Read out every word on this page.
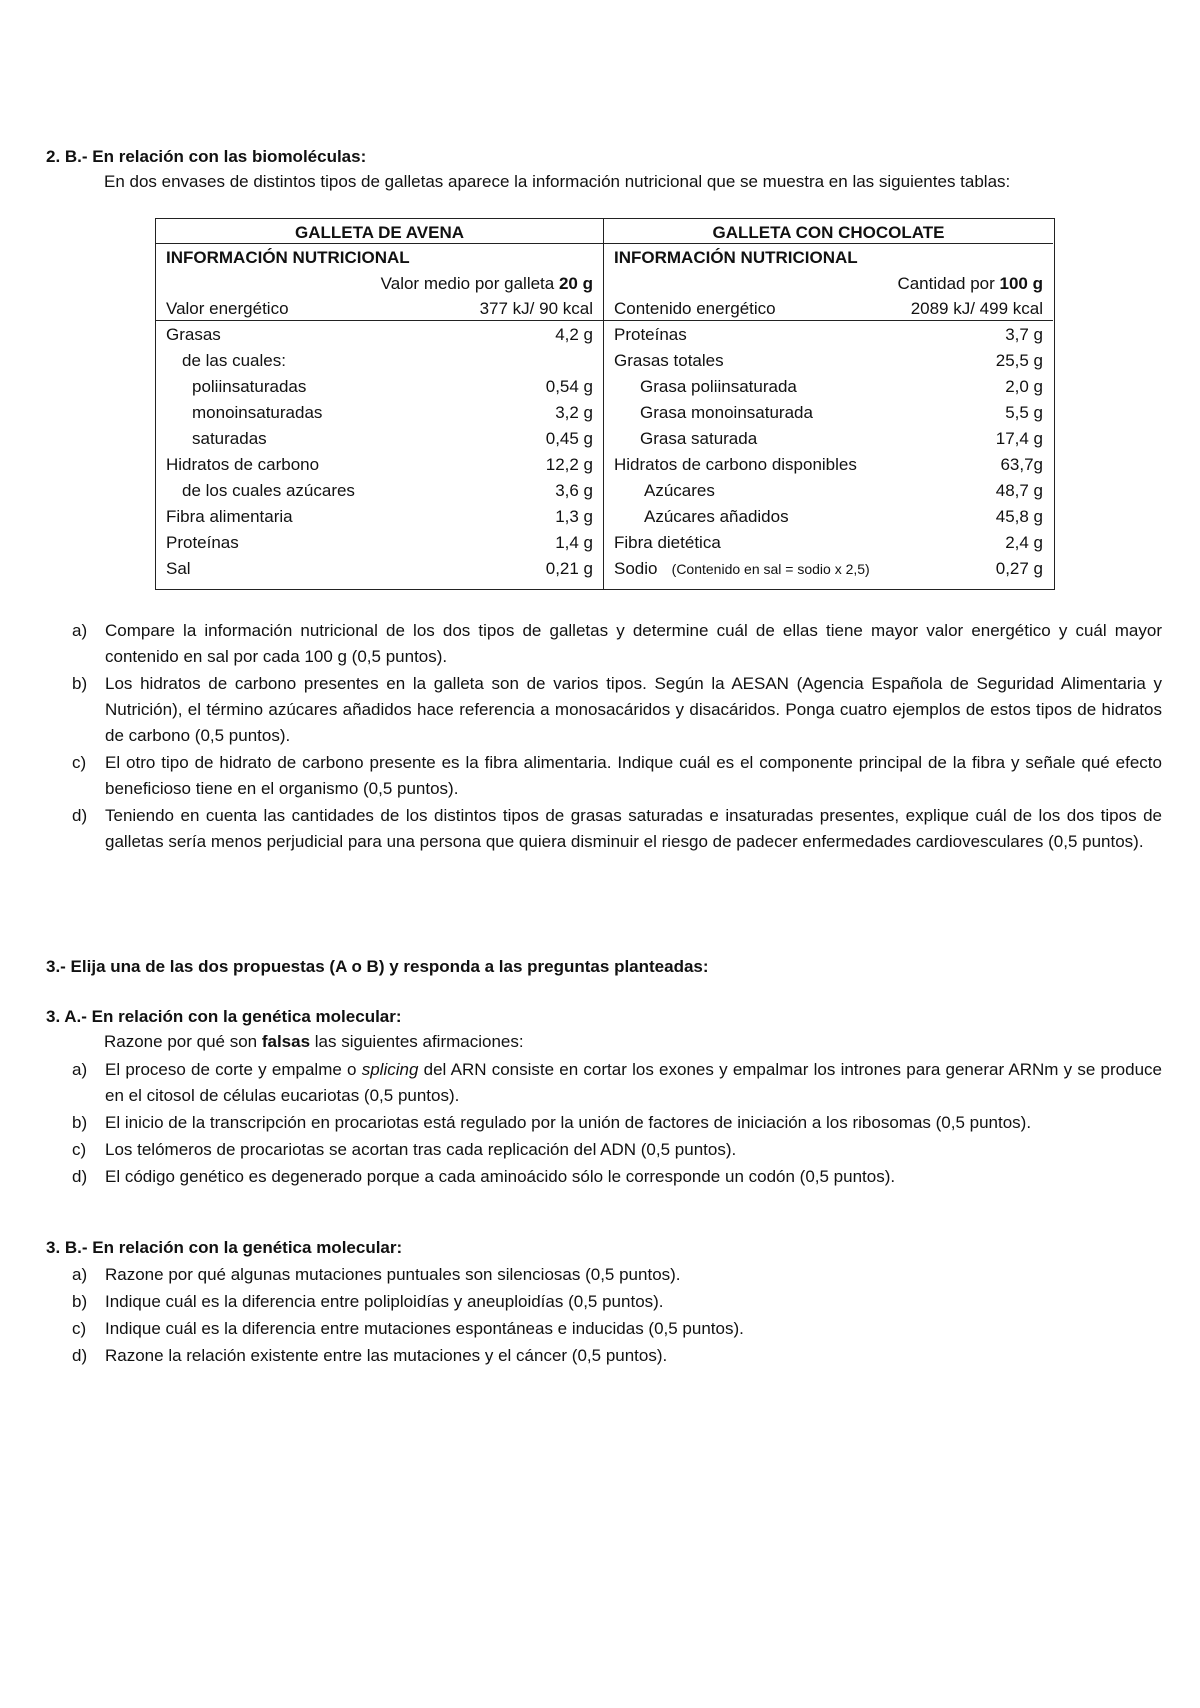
2. B.- En relación con las biomoléculas:
En dos envases de distintos tipos de galletas aparece la información nutricional que se muestra en las siguientes tablas:
GALLETA DE AVENA
INFORMACIÓN NUTRICIONAL
Valor medio por galleta 20 g
Valor energético	377 kJ/ 90 kcal
Grasas	4,2 g
de las cuales:
poliinsaturadas	0,54 g
monoinsaturadas	3,2 g
saturadas	0,45 g
Hidratos de carbono	12,2 g
de los cuales azúcares	3,6 g
Fibra alimentaria	1,3 g
Proteínas	1,4 g
Sal	0,21 g
GALLETA CON CHOCOLATE
INFORMACIÓN NUTRICIONAL
Cantidad por 100 g
Contenido energético	2089 kJ/ 499 kcal
Proteínas	3,7 g
Grasas totales	25,5 g
Grasa poliinsaturada	2,0 g
Grasa monoinsaturada	5,5 g
Grasa saturada	17,4 g
Hidratos de carbono disponibles	63,7g
Azúcares	48,7 g
Azúcares añadidos	45,8 g
Fibra dietética	2,4 g
Sodio (Contenido en sal = sodio x 2,5)	0,27 g
a) Compare la información nutricional de los dos tipos de galletas y determine cuál de ellas tiene mayor valor energético y cuál mayor contenido en sal por cada 100 g (0,5 puntos).
b) Los hidratos de carbono presentes en la galleta son de varios tipos. Según la AESAN (Agencia Española de Seguridad Alimentaria y Nutrición), el término azúcares añadidos hace referencia a monosacáridos y disacáridos. Ponga cuatro ejemplos de estos tipos de hidratos de carbono (0,5 puntos).
c) El otro tipo de hidrato de carbono presente es la fibra alimentaria. Indique cuál es el componente principal de la fibra y señale qué efecto beneficioso tiene en el organismo (0,5 puntos).
d) Teniendo en cuenta las cantidades de los distintos tipos de grasas saturadas e insaturadas presentes, explique cuál de los dos tipos de galletas sería menos perjudicial para una persona que quiera disminuir el riesgo de padecer enfermedades cardiovesculares (0,5 puntos).
3.- Elija una de las dos propuestas (A o B) y responda a las preguntas planteadas:
3. A.- En relación con la genética molecular:
Razone por qué son falsas las siguientes afirmaciones:
a) El proceso de corte y empalme o splicing del ARN consiste en cortar los exones y empalmar los intrones para generar ARNm y se produce en el citosol de células eucariotas (0,5 puntos).
b) El inicio de la transcripción en procariotas está regulado por la unión de factores de iniciación a los ribosomas (0,5 puntos).
c) Los telómeros de procariotas se acortan tras cada replicación del ADN (0,5 puntos).
d) El código genético es degenerado porque a cada aminoácido sólo le corresponde un codón (0,5 puntos).
3. B.- En relación con la genética molecular:
a) Razone por qué algunas mutaciones puntuales son silenciosas (0,5 puntos).
b) Indique cuál es la diferencia entre poliploidías y aneuploidías (0,5 puntos).
c) Indique cuál es la diferencia entre mutaciones espontáneas e inducidas (0,5 puntos).
d) Razone la relación existente entre las mutaciones y el cáncer (0,5 puntos).
